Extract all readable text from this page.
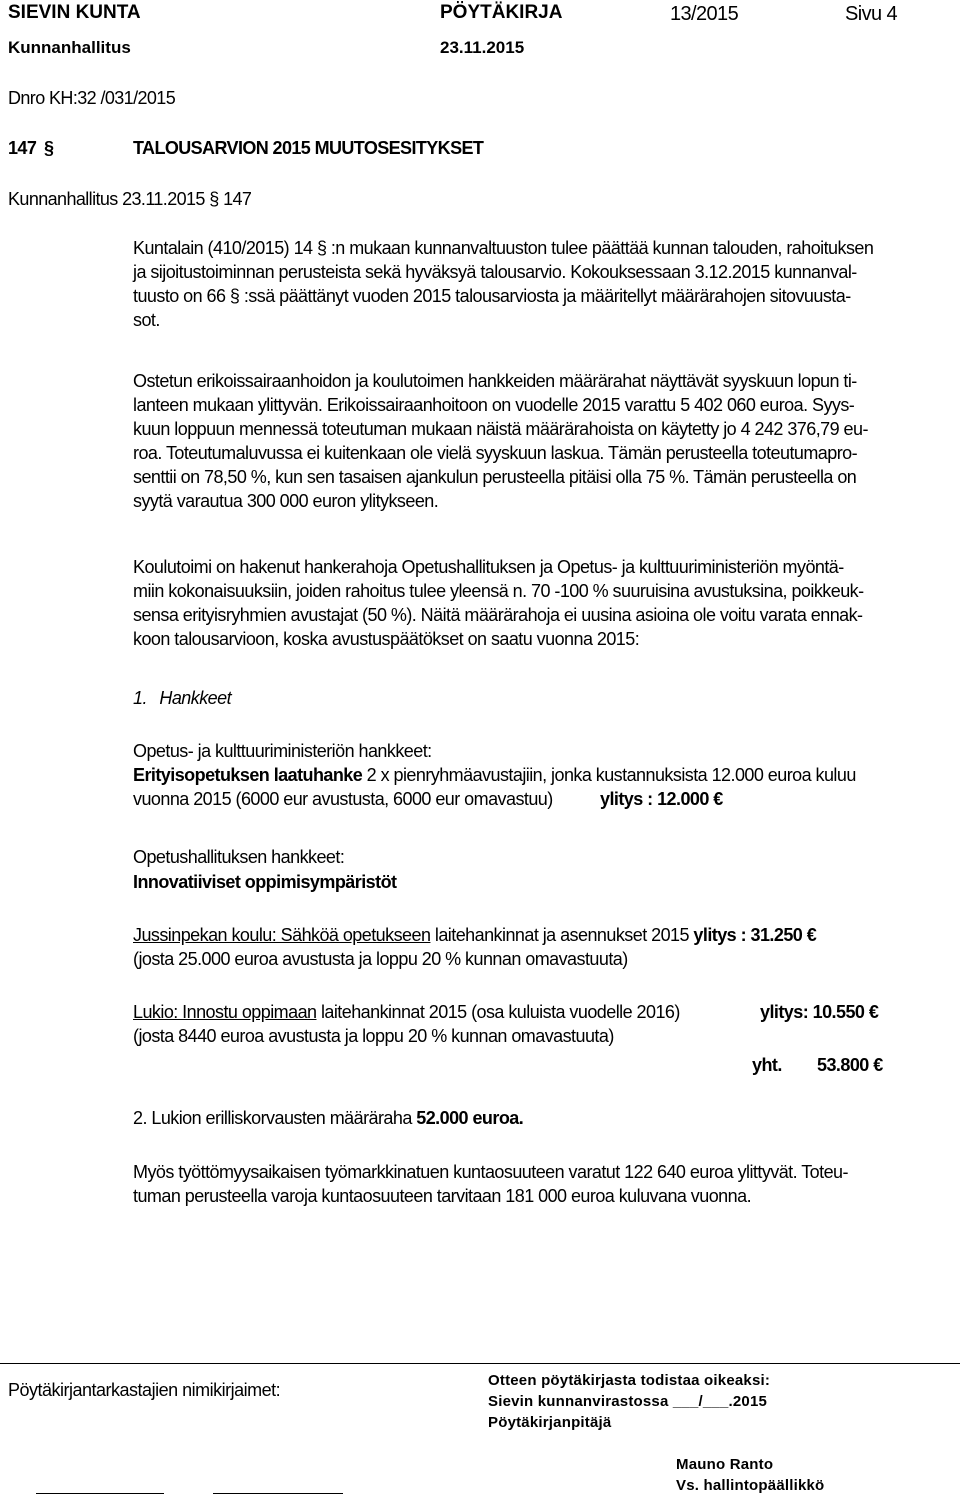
SIEVIN KUNTA	PÖYTÄKIRJA	13/2015	Sivu 4
Kunnanhallitus	23.11.2015
Dnro KH:32 /031/2015
147 §	TALOUSARVION 2015 MUUTOSESITYKSET
Kunnanhallitus 23.11.2015 § 147
Kuntalain (410/2015) 14 § :n mukaan kunnanvaltuuston tulee päättää kunnan talouden, rahoituksen
ja sijoitustoiminnan perusteista sekä hyväksyä talousarvio. Kokouksessaan 3.12.2015 kunnanval-
tuusto on 66 § :ssä päättänyt vuoden 2015 talousarviosta ja määritellyt määrärahojen sitovuusta-
sot.
Ostetun erikoissairaanhoidon ja koulutoimen hankkeiden määrärahat näyttävät syyskuun lopun ti-
lanteen mukaan ylittyvän. Erikoissairaanhoitoon on vuodelle 2015 varattu 5 402 060 euroa. Syys-
kuun loppuun mennessä toteutuman mukaan näistä määrärahoista on käytetty jo 4 242 376,79 eu-
roa. Toteutumaluvussa ei kuitenkaan ole vielä syyskuun laskua. Tämän perusteella toteutumapro-
senttii on 78,50 %, kun sen tasaisen ajankulun perusteella pitäisi olla 75 %. Tämän perusteella on
syytä varautua 300 000 euron ylitykseen.
Koulutoimi on hakenut hankerahoja Opetushallituksen ja Opetus- ja kulttuuriministeriön myöntä-
miin kokonaisuuksiin, joiden rahoitus tulee yleensä n. 70 -100 % suuruisina avustuksina, poikkeuk-
sensa erityisryhmien avustajat (50 %). Näitä määrärahoja ei uusina asioina ole voitu varata ennak-
koon talousarvioon, koska avustuspäätökset on saatu vuonna 2015:
1. Hankkeet
Opetus- ja kulttuuriministeriön hankkeet:
Erityisopetuksen laatuhanke 2 x pienryhmäavustajiin, jonka kustannuksista 12.000 euroa kuluu
vuonna 2015 (6000 eur avustusta, 6000 eur omavastuu)	ylitys : 12.000 €
Opetushallituksen hankkeet:
Innovatiiviset oppimisympäristöt
Jussinpekan koulu: Sähköä opetukseen laitehankinnat ja asennukset 2015 ylitys : 31.250 €
(josta 25.000 euroa avustusta ja loppu 20 % kunnan omavastuuta)
Lukio: Innostu oppimaan laitehankinnat 2015 (osa kuluista vuodelle 2016)	ylitys: 10.550 €
(josta 8440 euroa avustusta ja loppu 20 % kunnan omavastuuta)
yht. 53.800 €
2. Lukion erilliskorvausten määräraha 52.000 euroa.
Myös työttömyysaikaisen työmarkkinatuen kuntaosuuteen varatut 122 640 euroa ylittyvät. Toteu-
tuman perusteella varoja kuntaosuuteen tarvitaan 181 000 euroa kuluvana vuonna.
Pöytäkirjantarkastajien nimikirjaimet:	Otteen pöytäkirjasta todistaa oikeaksi:
Sievin kunnanvirastossa ___/___.2015
Pöytäkirjanpitäjä
Mauno Ranto
Vs. hallintopäällikkö
